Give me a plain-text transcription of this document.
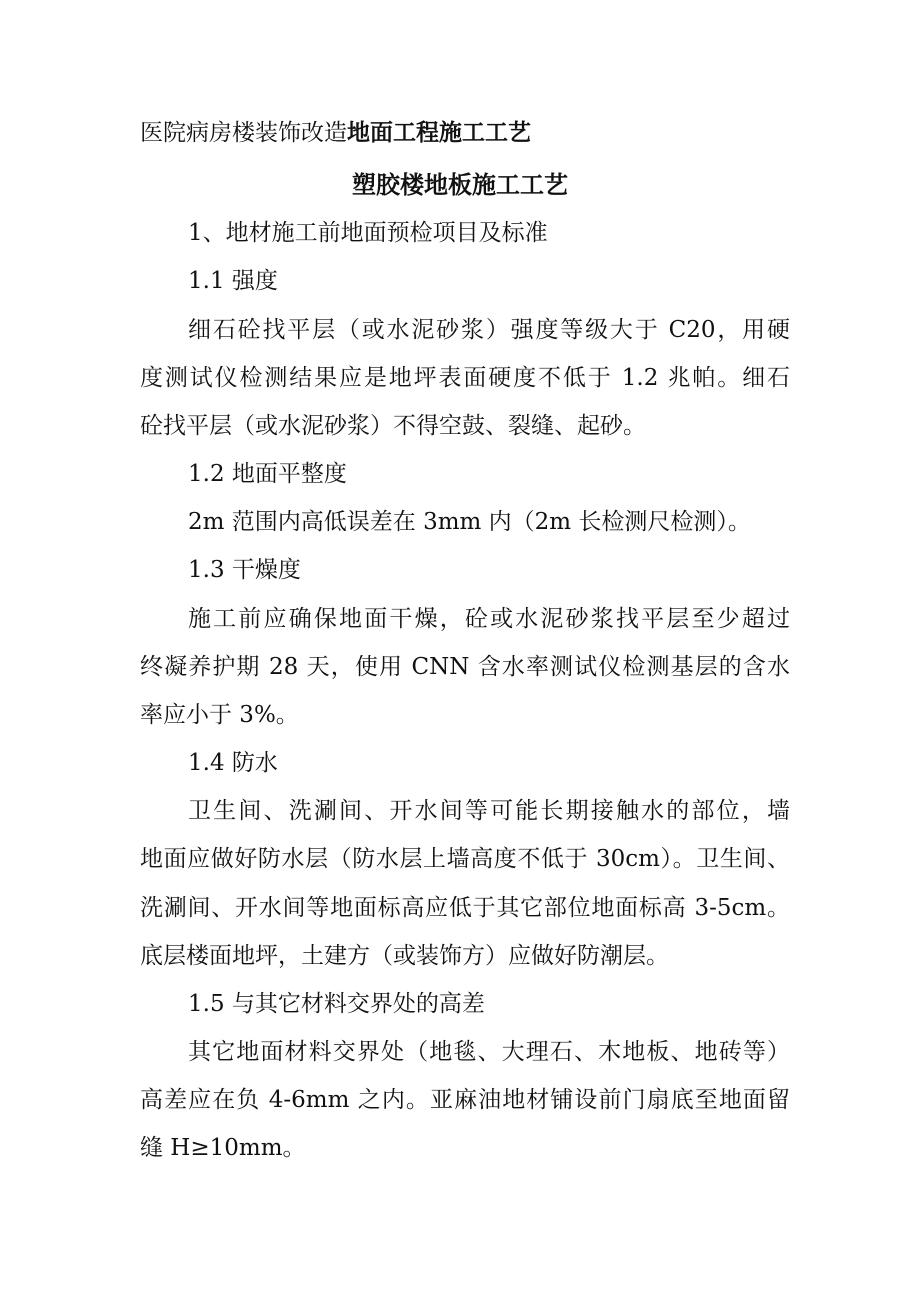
医院病房楼装饰改造地面工程施工工艺
塑胶楼地板施工工艺
1、地材施工前地面预检项目及标准
1.1 强度
细石砼找平层（或水泥砂浆）强度等级大于 C20，用硬
度测试仪检测结果应是地坪表面硬度不低于 1.2 兆帕。细石
砼找平层（或水泥砂浆）不得空鼓、裂缝、起砂。
1.2 地面平整度
2m 范围内高低误差在 3mm 内（2m 长检测尺检测）。
1.3 干燥度
施工前应确保地面干燥，砼或水泥砂浆找平层至少超过
终凝养护期 28 天，使用 CNN 含水率测试仪检测基层的含水
率应小于 3%。
1.4 防水
卫生间、洗涮间、开水间等可能长期接触水的部位，墙
地面应做好防水层（防水层上墙高度不低于 30cm）。卫生间、
洗涮间、开水间等地面标高应低于其它部位地面标高 3-5cm。
底层楼面地坪，土建方（或装饰方）应做好防潮层。
1.5 与其它材料交界处的高差
其它地面材料交界处（地毯、大理石、木地板、地砖等）
高差应在负 4-6mm 之内。亚麻油地材铺设前门扇底至地面留
缝 H≥10mm。
